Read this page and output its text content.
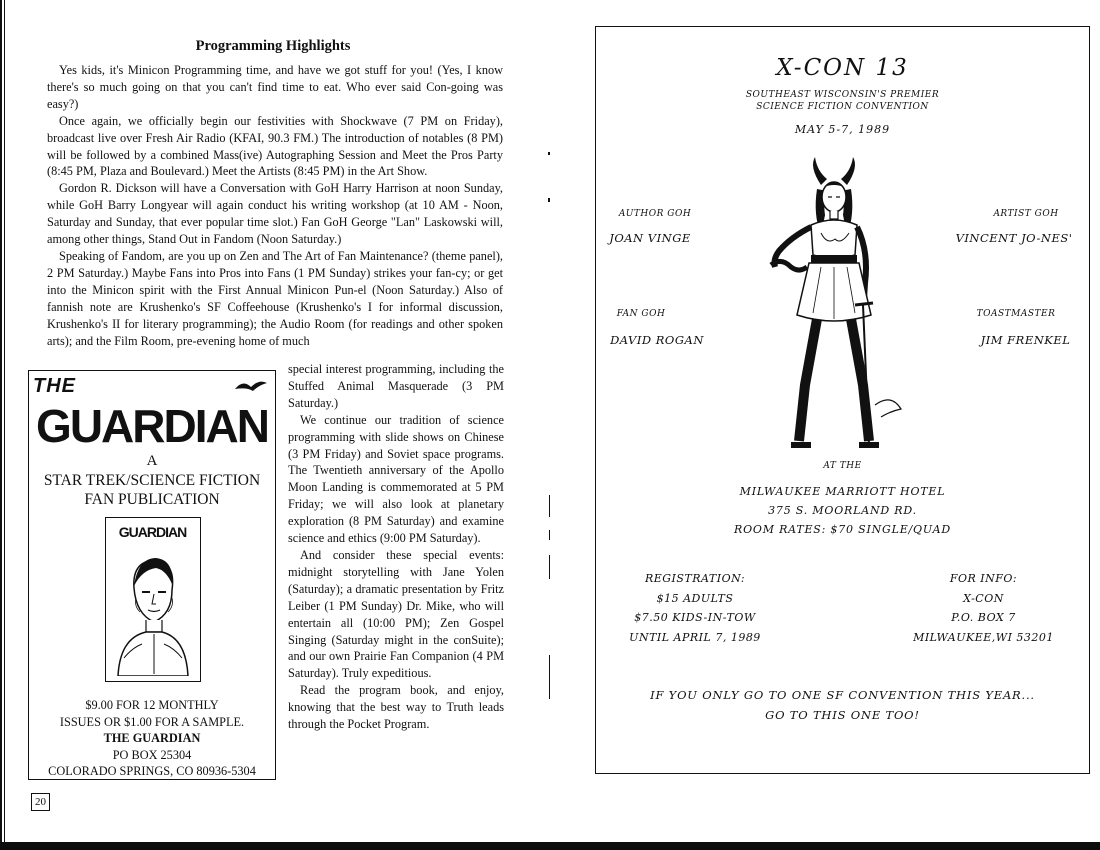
Programming Highlights

Yes kids, it's Minicon Programming time, and have we got stuff for you! (Yes, I know there's so much going on that you can't find time to eat. Who ever said Con-going was easy?)

Once again, we officially begin our festivities with Shockwave (7 PM on Friday), broadcast live over Fresh Air Radio (KFAI, 90.3 FM.) The introduction of notables (8 PM) will be followed by a combined Mass(ive) Autographing Session and Meet the Pros Party (8:45 PM, Plaza and Boulevard.) Meet the Artists (8:45 PM) in the Art Show.

Gordon R. Dickson will have a Conversation with GoH Harry Harrison at noon Sunday, while GoH Barry Longyear will again conduct his writing workshop (at 10 AM - Noon, Saturday and Sunday, that ever popular time slot.) Fan GoH George "Lan" Laskowski will, among other things, Stand Out in Fandom (Noon Saturday.)

Speaking of Fandom, are you up on Zen and The Art of Fan Maintenance? (theme panel), 2 PM Saturday.) Maybe Fans into Pros into Fans (1 PM Sunday) strikes your fan-cy; or get into the Minicon spirit with the First Annual Minicon Pun-el (Noon Saturday.) Also of fannish note are Krushenko's SF Coffeehouse (Krushenko's I for informal discussion, Krushenko's II for literary programming); the Audio Room (for readings and other spoken arts); and the Film Room, pre-evening home of much

special interest programming, including the Stuffed Animal Masquerade (3 PM Saturday.)

We continue our tradition of science programming with slide shows on Chinese (3 PM Friday) and Soviet space programs. The Twentieth anniversary of the Apollo Moon Landing is commemorated at 5 PM Friday; we will also look at planetary exploration (8 PM Saturday) and examine science and ethics (9:00 PM Saturday).

And consider these special events: midnight storytelling with Jane Yolen (Saturday); a dramatic presentation by Fritz Leiber (1 PM Sunday) Dr. Mike, who will entertain all (10:00 PM); Zen Gospel Singing (Saturday might in the conSuite); and our own Prairie Fan Companion (4 PM Saturday). Truly expeditious.

Read the program book, and enjoy, knowing that the best way to Truth leads through the Pocket Program.

THE
GUARDIAN
A
STAR TREK/SCIENCE FICTION
FAN PUBLICATION
GUARDIAN
$9.00 FOR 12 MONTHLY
ISSUES OR $1.00 FOR A SAMPLE.
THE GUARDIAN
PO BOX 25304
COLORADO SPRINGS, CO 80936-5304
20
X-CON 13
SOUTHEAST WISCONSIN'S PREMIER
SCIENCE FICTION CONVENTION
MAY 5-7, 1989
AUTHOR GOH
JOAN VINGE
ARTIST GOH
VINCENT JO-NES'
FAN GOH
DAVID ROGAN
TOASTMASTER
JIM FRENKEL
AT THE
MILWAUKEE MARRIOTT HOTEL
375 S. MOORLAND RD.
ROOM RATES: $70 SINGLE/QUAD
REGISTRATION:
$15 ADULTS
$7.50 KIDS-IN-TOW
UNTIL APRIL 7, 1989
FOR INFO:
X-CON
P.O. BOX 7
MILWAUKEE,WI 53201
IF YOU ONLY GO TO ONE SF CONVENTION THIS YEAR...
GO TO THIS ONE TOO!
